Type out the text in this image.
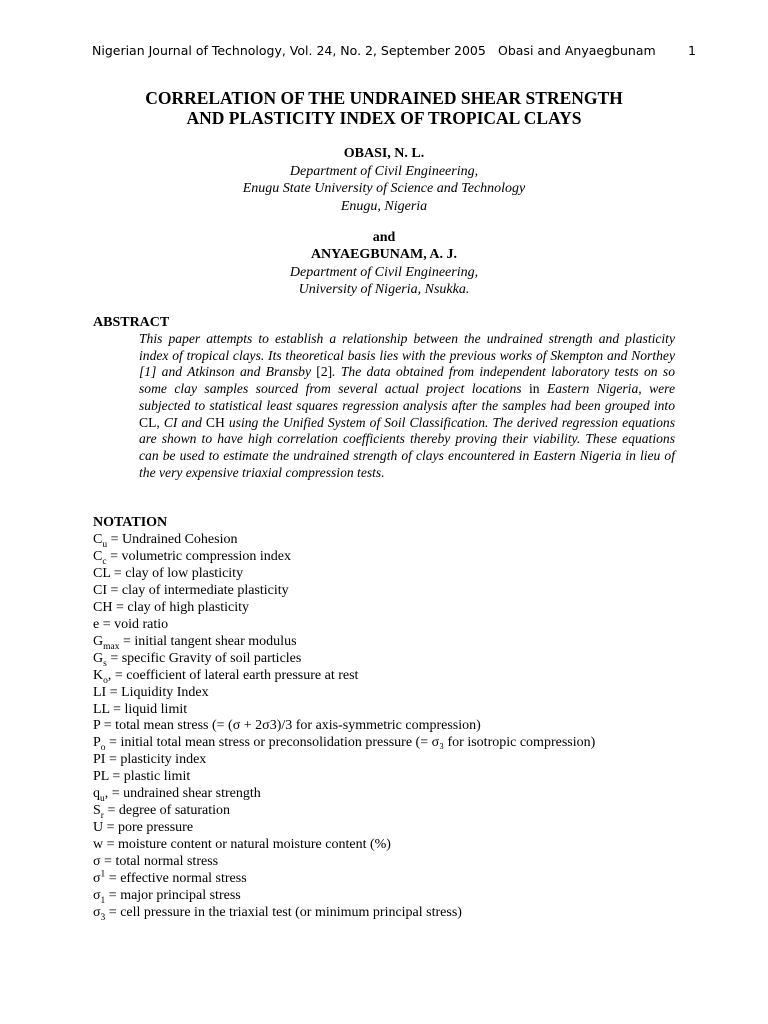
Nigerian Journal of Technology, Vol. 24, No. 2, September 2005 Obasi and Anyaegbunam	1
CORRELATION OF THE UNDRAINED SHEAR STRENGTH
AND PLASTICITY INDEX OF TROPICAL CLAYS
OBASI, N. L.
Department of Civil Engineering,
Enugu State University of Science and Technology
Enugu, Nigeria
and
ANYAEGBUNAM, A. J.
Department of Civil Engineering,
University of Nigeria, Nsukka.
ABSTRACT
This paper attempts to establish a relationship between the undrained strength and plasticity index of tropical clays. Its theoretical basis lies with the previous works of Skempton and Northey [1] and Atkinson and Bransby [2]. The data obtained from independent laboratory tests on so some clay samples sourced from several actual project locations in Eastern Nigeria, were subjected to statistical least squares regression analysis after the samples had been grouped into CL, CI and CH using the Unified System of Soil Classification. The derived regression equations are shown to have high correlation coefficients thereby proving their viability. These equations can be used to estimate the undrained strength of clays encountered in Eastern Nigeria in lieu of the very expensive triaxial compression tests.
NOTATION
$C_u$ = Undrained Cohesion
$C_c$ = volumetric compression index
CL = clay of low plasticity
CI = clay of intermediate plasticity
CH = clay of high plasticity
e = void ratio
$G_{max}$ = initial tangent shear modulus
$G_s$ = specific Gravity of soil particles
$K_o$, = coefficient of lateral earth pressure at rest
LI = Liquidity Index
LL = liquid limit
P = total mean stress (= (σ + 2σ3)/3 for axis-symmetric compression)
$P_o$ = initial total mean stress or preconsolidation pressure (= σ₃ for isotropic compression)
PI = plasticity index
PL = plastic limit
$q_u$, = undrained shear strength
$S_r$ = degree of saturation
U = pore pressure
w = moisture content or natural moisture content (%)
σ = total normal stress
$\sigma^1$ = effective normal stress
$\sigma_1$ = major principal stress
$\sigma_3$ = cell pressure in the triaxial test (or minimum principal stress)
